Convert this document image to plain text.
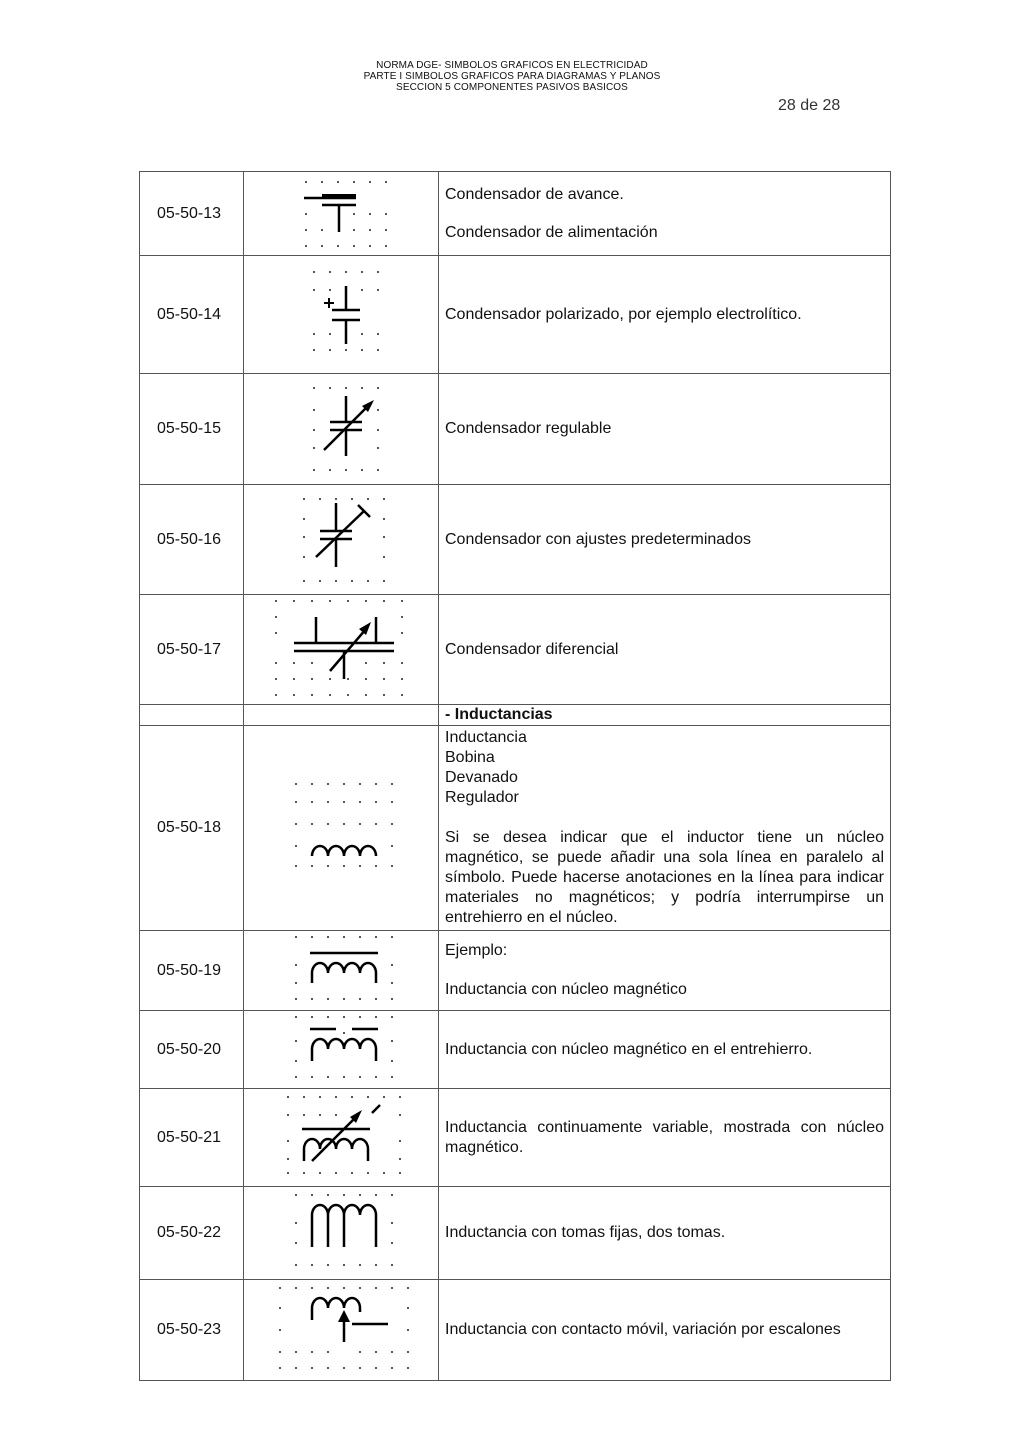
NORMA DGE- SIMBOLOS GRAFICOS EN ELECTRICIDAD
PARTE I SIMBOLOS GRAFICOS PARA DIAGRAMAS Y PLANOS
SECCION 5 COMPONENTES PASIVOS BASICOS
28 de 28
05-50-13		Condensador de avance.
Condensador de alimentación

05-50-14		Condensador polarizado, por ejemplo electrolítico.

05-50-15		Condensador regulable

05-50-16		Condensador con ajustes predeterminados

05-50-17		Condensador diferencial

		- Inductancias
05-50-18		Inductancia
Bobina
Devanado
Regulador
Si se desea indicar que el inductor tiene un núcleo magnético, se puede añadir una sola línea en paralelo al símbolo. Puede hacerse anotaciones en la línea para indicar materiales no magnéticos; y podría interrumpirse un entrehierro en el núcleo.

05-50-19		Ejemplo:
Inductancia con núcleo magnético

05-50-20		Inductancia con núcleo magnético en el entrehierro.

05-50-21		Inductancia continuamente variable, mostrada con núcleo magnético.

05-50-22		Inductancia con tomas fijas, dos tomas.

05-50-23		Inductancia con contacto móvil, variación por escalones
